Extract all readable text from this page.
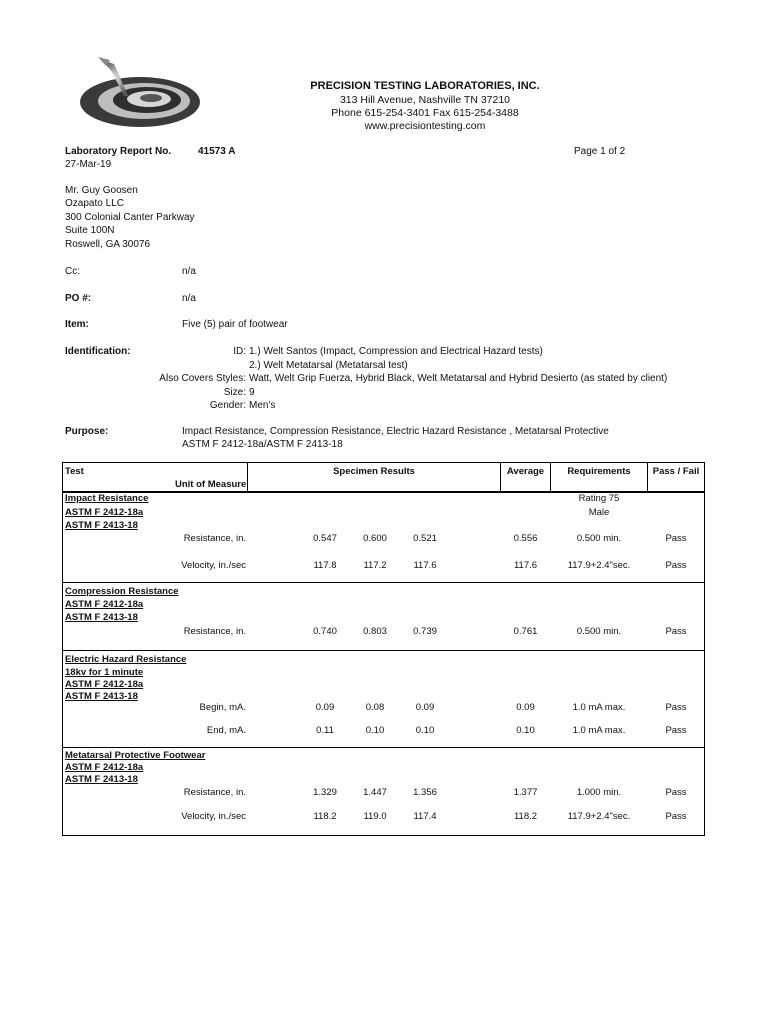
PRECISION TESTING LABORATORIES, INC.
313 Hill Avenue, Nashville TN 37210
Phone 615-254-3401 Fax 615-254-3488
www.precisiontesting.com
Laboratory Report No.	41573 A	Page 1 of 2
27-Mar-19
Mr. Guy Goosen
Ozapato LLC
300 Colonial Canter Parkway
Suite 100N
Roswell, GA 30076
Cc:	n/a
PO #:	n/a
Item:	Five (5) pair of footwear
Identification:	ID: 1.) Welt Santos (Impact, Compression and Electrical Hazard tests)
2.) Welt Metatarsal (Metatarsal test)
Also Covers Styles: Watt, Welt Grip Fuerza, Hybrid Black, Welt Metatarsal and Hybrid Desierto (as stated by client)
Size: 9
Gender: Men's
Purpose:	Impact Resistance, Compression Resistance, Electric Hazard Resistance , Metatarsal Protective
ASTM F 2412-18a/ASTM F 2413-18
Test
Unit of Measure
Specimen Results	Average	Requirements	Pass / Fail
Impact Resistance
ASTM F 2412-18a
ASTM F 2413-18
Rating 75
Male
Resistance, in.	0.547	0.600	0.521	0.556	0.500 min.	Pass
Velocity, in./sec	117.8	117.2	117.6	117.6	117.9+2.4"sec.	Pass
Compression Resistance
ASTM F 2412-18a
ASTM F 2413-18
Resistance, in.	0.740	0.803	0.739	0.761	0.500 min.	Pass
Electric Hazard Resistance
18kv for 1 minute
ASTM F 2412-18a
ASTM F 2413-18
Begin, mA.	0.09	0.08	0.09	0.09	1.0 mA max.	Pass
End, mA.	0.11	0.10	0.10	0.10	1.0 mA max.	Pass
Metatarsal Protective Footwear
ASTM F 2412-18a
ASTM F 2413-18
Resistance, in.	1.329	1.447	1.356	1.377	1.000 min.	Pass
Velocity, in./sec	118.2	119.0	117.4	118.2	117.9+2.4"sec.	Pass
